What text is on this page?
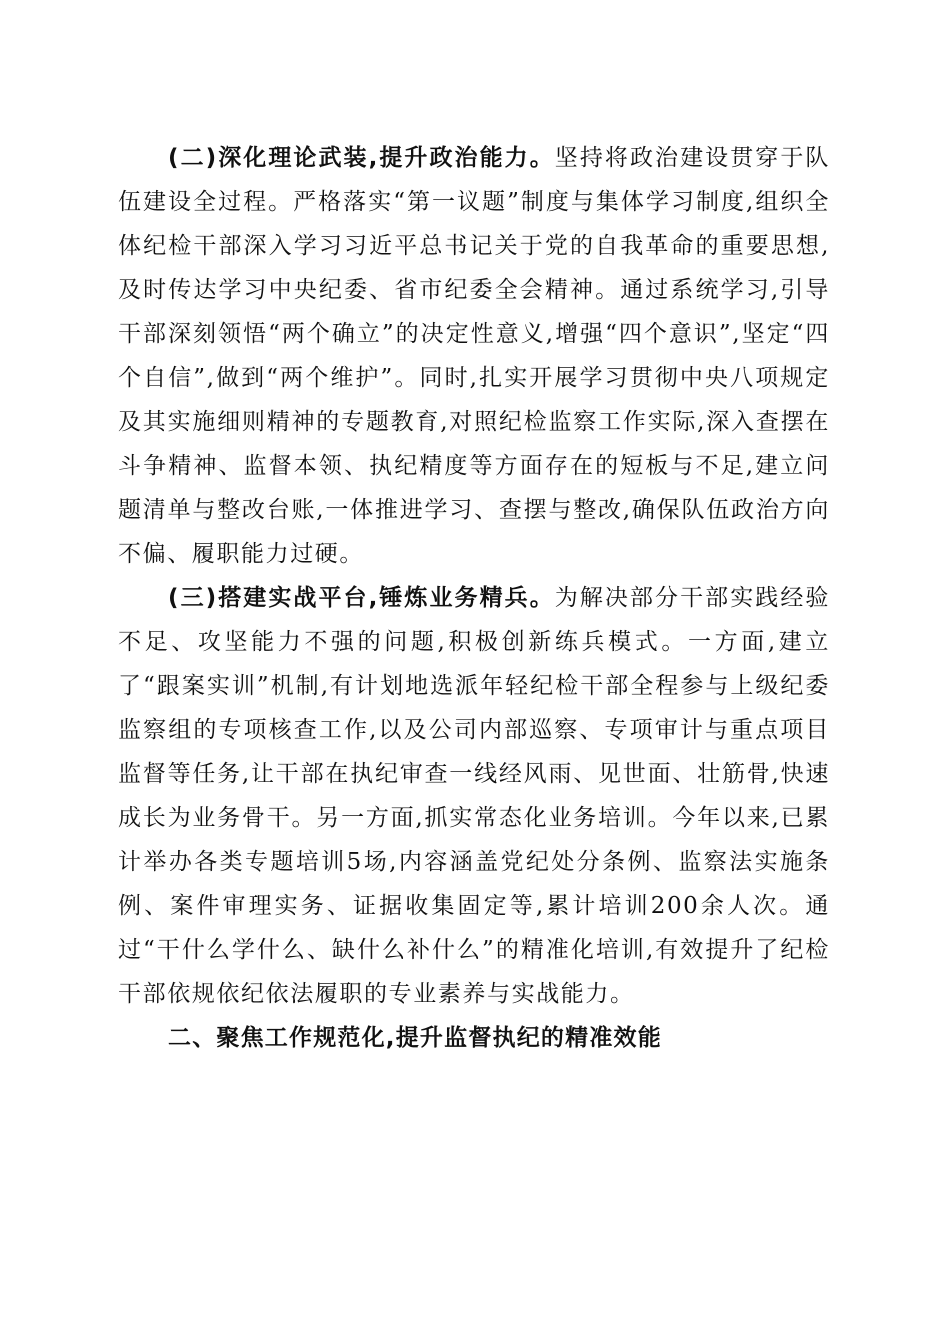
(二)深化理论武装,提升政治能力。坚持将政治建设贯穿于队伍建设全过程。严格落实“第一议题”制度与集体学习制度,组织全体纪检干部深入学习习近平总书记关于党的自我革命的重要思想,及时传达学习中央纪委、省市纪委全会精神。通过系统学习,引导干部深刻领悟“两个确立”的决定性意义,增强“四个意识”,坚定“四个自信”,做到“两个维护”。同时,扎实开展学习贯彻中央八项规定及其实施细则精神的专题教育,对照纪检监察工作实际,深入查摆在斗争精神、监督本领、执纪精度等方面存在的短板与不足,建立问题清单与整改台账,一体推进学习、查摆与整改,确保队伍政治方向不偏、履职能力过硬。

(三)搭建实战平台,锤炼业务精兵。为解决部分干部实践经验不足、攻坚能力不强的问题,积极创新练兵模式。一方面,建立了“跟案实训”机制,有计划地选派年轻纪检干部全程参与上级纪委监察组的专项核查工作,以及公司内部巡察、专项审计与重点项目监督等任务,让干部在执纪审查一线经风雨、见世面、壮筋骨,快速成长为业务骨干。另一方面,抓实常态化业务培训。今年以来,已累计举办各类专题培训5场,内容涵盖党纪处分条例、监察法实施条例、案件审理实务、证据收集固定等,累计培训200余人次。通过“干什么学什么、缺什么补什么”的精准化培训,有效提升了纪检干部依规依纪依法履职的专业素养与实战能力。

二、聚焦工作规范化,提升监督执纪的精准效能
